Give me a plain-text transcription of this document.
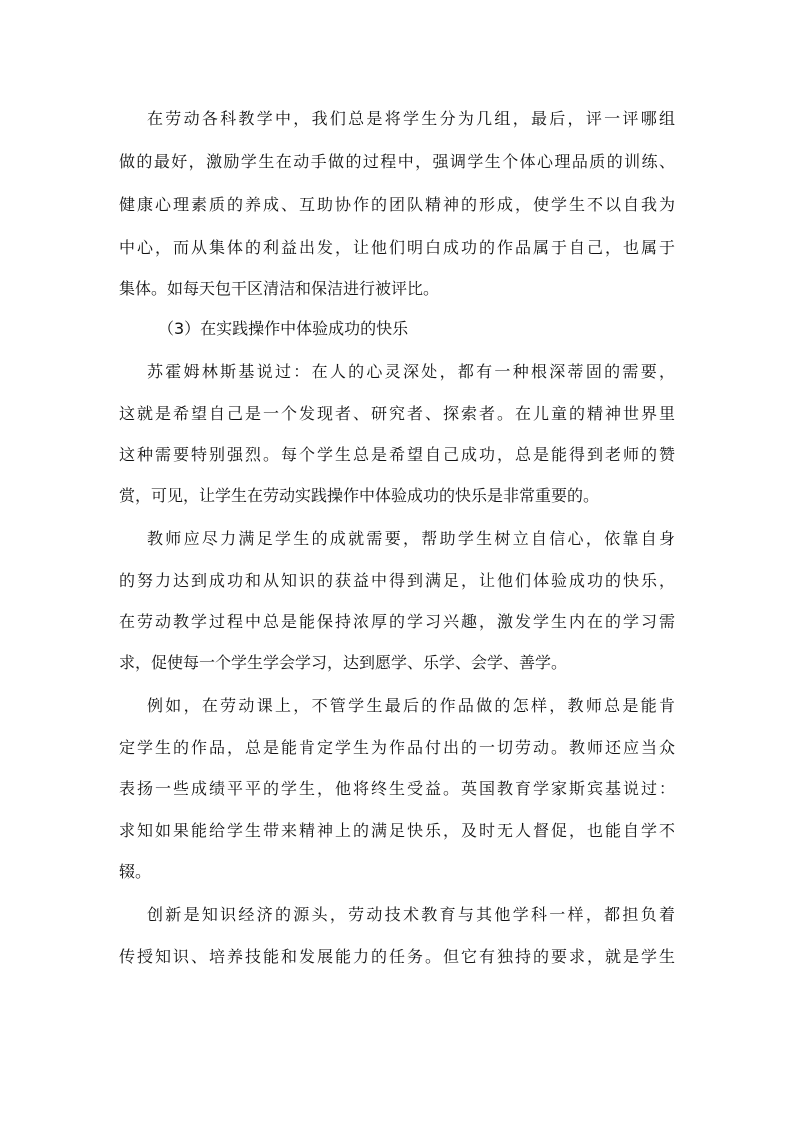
在劳动各科教学中，我们总是将学生分为几组，最后，评一评哪组
做的最好，激励学生在动手做的过程中，强调学生个体心理品质的训练、
健康心理素质的养成、互助协作的团队精神的形成，使学生不以自我为
中心，而从集体的利益出发，让他们明白成功的作品属于自己，也属于
集体。如每天包干区清洁和保洁进行被评比。
（3）在实践操作中体验成功的快乐
苏霍姆林斯基说过：在人的心灵深处，都有一种根深蒂固的需要，
这就是希望自己是一个发现者、研究者、探索者。在儿童的精神世界里
这种需要特别强烈。每个学生总是希望自己成功，总是能得到老师的赞
赏，可见，让学生在劳动实践操作中体验成功的快乐是非常重要的。
教师应尽力满足学生的成就需要，帮助学生树立自信心，依靠自身
的努力达到成功和从知识的获益中得到满足，让他们体验成功的快乐，
在劳动教学过程中总是能保持浓厚的学习兴趣，激发学生内在的学习需
求，促使每一个学生学会学习，达到愿学、乐学、会学、善学。
例如，在劳动课上，不管学生最后的作品做的怎样，教师总是能肯
定学生的作品，总是能肯定学生为作品付出的一切劳动。教师还应当众
表扬一些成绩平平的学生，他将终生受益。英国教育学家斯宾基说过：
求知如果能给学生带来精神上的满足快乐，及时无人督促，也能自学不
辍。
创新是知识经济的源头，劳动技术教育与其他学科一样，都担负着
传授知识、培养技能和发展能力的任务。但它有独持的要求，就是学生
